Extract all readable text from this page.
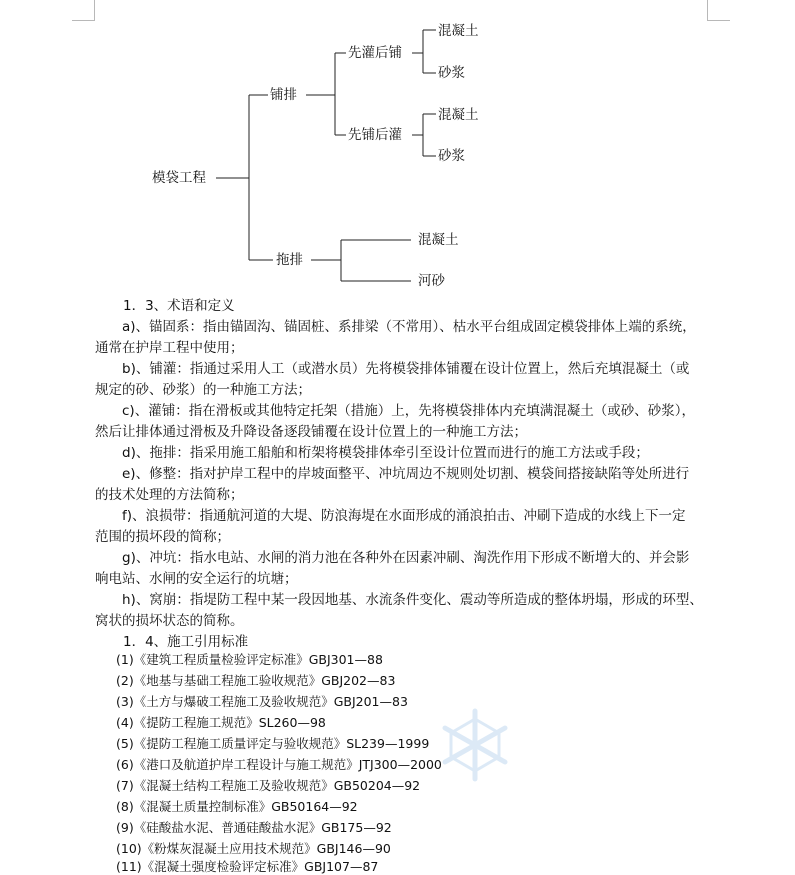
模袋工程
铺排
先灌后铺
先铺后灌
拖排
混凝土
砂浆
混凝土
砂浆
混凝土
河砂
1．3、术语和定义
a)、锚固系：指由锚固沟、锚固桩、系排梁（不常用）、枯水平台组成固定模袋排体上端的系统，
通常在护岸工程中使用；
b)、铺灌：指通过采用人工（或潜水员）先将模袋排体铺覆在设计位置上，然后充填混凝土（或
规定的砂、砂浆）的一种施工方法；
c)、灌铺：指在滑板或其他特定托架（措施）上，先将模袋排体内充填满混凝土（或砂、砂浆），
然后让排体通过滑板及升降设备逐段铺覆在设计位置上的一种施工方法；
d)、拖排：指采用施工船舶和桁架将模袋排体牵引至设计位置而进行的施工方法或手段；
e)、修整：指对护岸工程中的岸坡面整平、冲坑周边不规则处切割、模袋间搭接缺陷等处所进行
的技术处理的方法简称；
f)、浪损带：指通航河道的大堤、防浪海堤在水面形成的涌浪拍击、冲刷下造成的水线上下一定
范围的损坏段的简称；
g)、冲坑：指水电站、水闸的消力池在各种外在因素冲刷、淘洗作用下形成不断增大的、并会影
响电站、水闸的安全运行的坑塘；
h)、窝崩：指堤防工程中某一段因地基、水流条件变化、震动等所造成的整体坍塌，形成的环型、
窝状的损坏状态的简称。
1．4、施工引用标准
(1)《建筑工程质量检验评定标准》GBJ301—88
(2)《地基与基础工程施工验收规范》GBJ202—83
(3)《土方与爆破工程施工及验收规范》GBJ201—83
(4)《提防工程施工规范》SL260—98
(5)《提防工程施工质量评定与验收规范》SL239—1999
(6)《港口及航道护岸工程设计与施工规范》JTJ300—2000
(7)《混凝土结构工程施工及验收规范》GB50204—92
(8)《混凝土质量控制标准》GB50164—92
(9)《硅酸盐水泥、普通硅酸盐水泥》GB175—92
(10)《粉煤灰混凝土应用技术规范》GBJ146—90
(11)《混凝土强度检验评定标准》GBJ107—87
